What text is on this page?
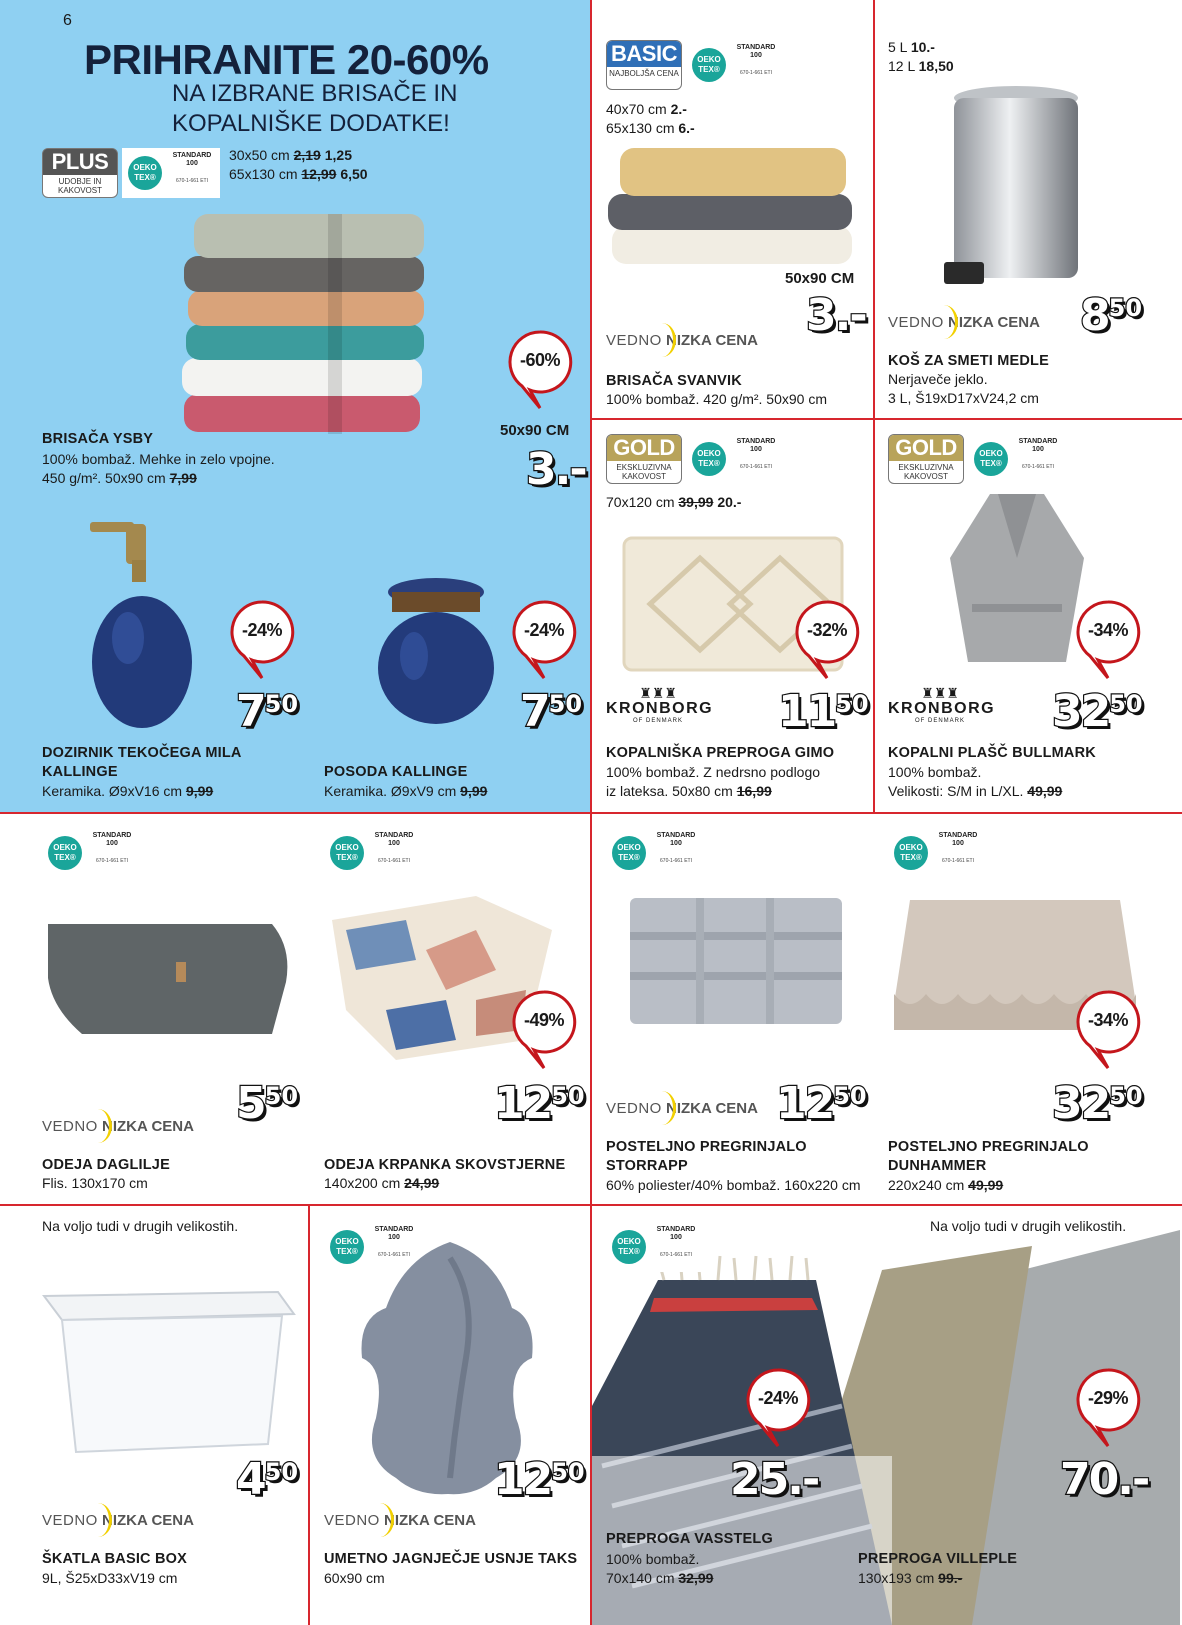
6
PRIHRANITE 20-60%
NA IZBRANE BRISAČE IN
KOPALNIŠKE DODATKE!
PLUS
UDOBJE IN KAKOVOST
OEKO TEX®
STANDARD 100
670-1-661 ETI
30x50 cm 2,19 1,25
65x130 cm 12,99 6,50
-60%
50x90 CM
3.-
BRISAČA YSBY
100% bombaž. Mehke in zelo vpojne.
450 g/m². 50x90 cm 7,99
-24%
750
DOZIRNIK TEKOČEGA MILA
KALLINGE
Keramika. Ø9xV16 cm 9,99
-24%
750
POSODA KALLINGE
Keramika. Ø9xV9 cm 9,99
BASIC
NAJBOLJŠA CENA
OEKO TEX®
STANDARD 100
670-1-661 ETI
40x70 cm 2.-
65x130 cm 6.-
50x90 CM
3.-
VEDNO NIZKA CENA
BRISAČA SVANVIK
100% bombaž. 420 g/m². 50x90 cm
5 L 10.-
12 L 18,50
850
VEDNO NIZKA CENA
KOŠ ZA SMETI MEDLE
Nerjaveče jeklo.
3 L, Š19xD17xV24,2 cm
GOLD
EKSKLUZIVNA KAKOVOST
OEKO TEX®
STANDARD 100
670-1-661 ETI
70x120 cm 39,99 20.-
-32%
♜♜♜
KRONBORG
OF DENMARK	1150
KOPALNIŠKA PREPROGA GIMO
100% bombaž. Z nedrsno podlogo
iz lateksa. 50x80 cm 16,99
GOLD
EKSKLUZIVNA KAKOVOST
OEKO TEX®
STANDARD 100
670-1-661 ETI
-34%
♜♜♜
KRONBORG
OF DENMARK	3250
KOPALNI PLAŠČ BULLMARK
100% bombaž.
Velikosti: S/M in L/XL. 49,99
OEKO TEX®
STANDARD 100
670-1-661 ETI
550
VEDNO NIZKA CENA
ODEJA DAGLILJE
Flis. 130x170 cm
OEKO TEX®
STANDARD 100
670-1-661 ETI
-49%
1250
ODEJA KRPANKA SKOVSTJERNE
140x200 cm 24,99
OEKO TEX®
STANDARD 100
670-1-661 ETI
VEDNO NIZKA CENA 1250
POSTELJNO PREGRINJALO
STORRAPP
60% poliester/40% bombaž. 160x220 cm
OEKO TEX®
STANDARD 100
670-1-661 ETI
-34%
3250
POSTELJNO PREGRINJALO
DUNHAMMER
220x240 cm 49,99
Na voljo tudi v drugih velikostih.
450
VEDNO NIZKA CENA
ŠKATLA BASIC BOX
9L, Š25xD33xV19 cm
OEKO TEX®
STANDARD 100
670-1-661 ETI
1250
VEDNO NIZKA CENA
UMETNO JAGNJEČJE USNJE TAKS
60x90 cm
OEKO TEX®
STANDARD 100
670-1-661 ETI
Na voljo tudi v drugih velikostih.
-24%	-29%
25.-	70.-
PREPROGA VASSTELG
100% bombaž.
70x140 cm 32,99
PREPROGA VILLEPLE
130x193 cm 99.-
